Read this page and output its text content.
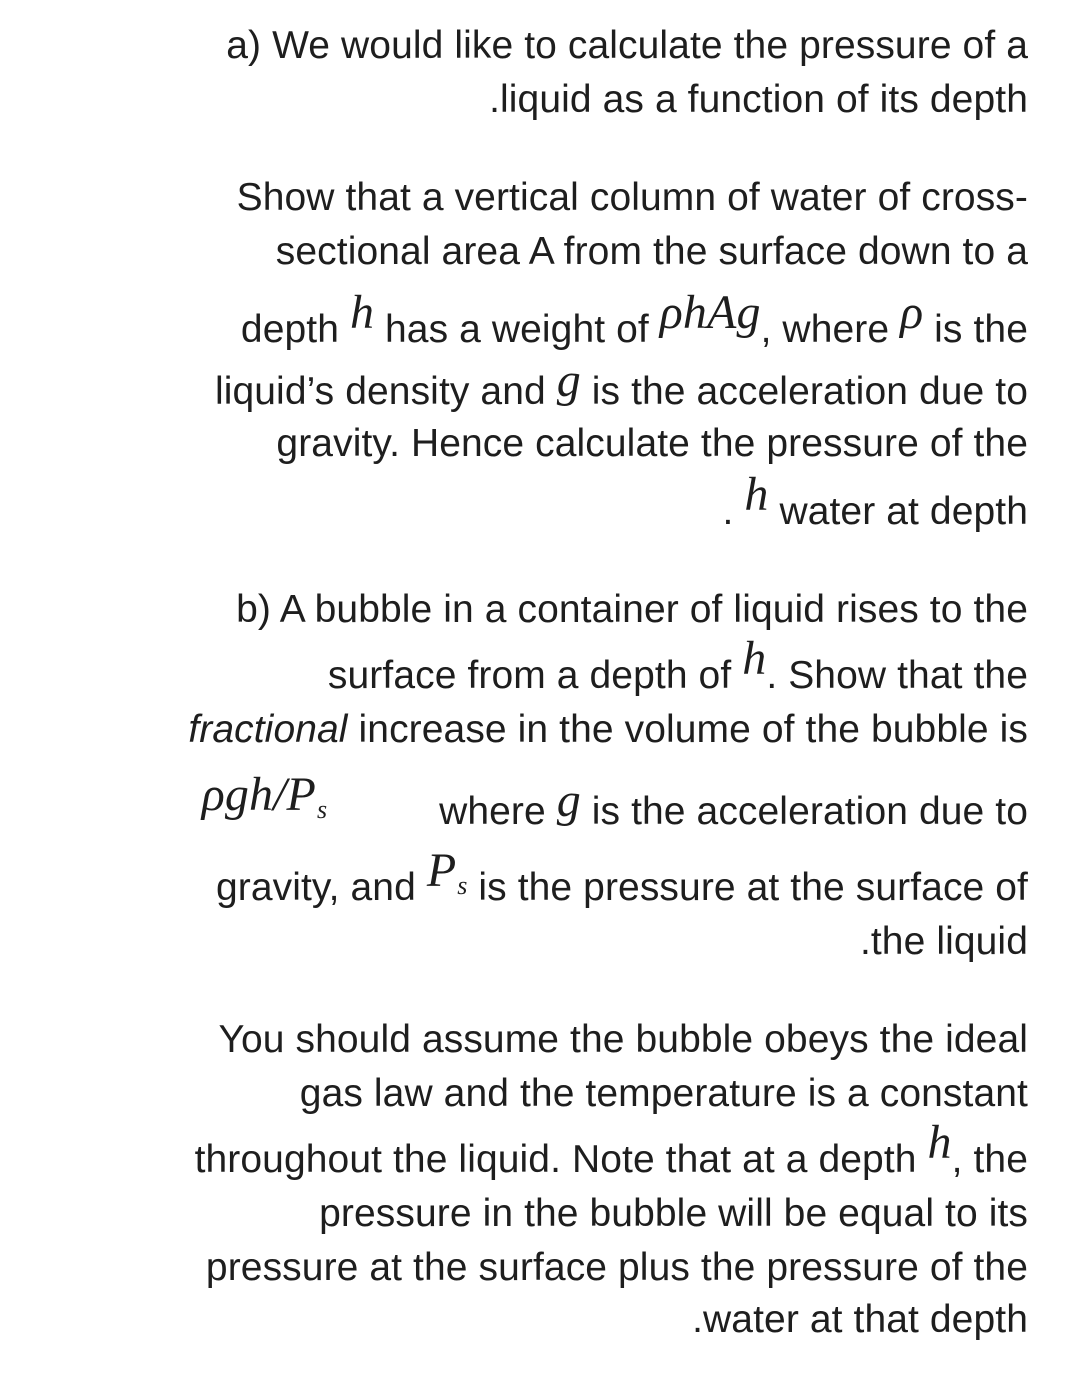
a) We would like to calculate the pressure of a
.liquid as a function of its depth
Show that a vertical column of water of cross-
sectional area A from the surface down to a
depth h has a weight of ρhAg, where ρ is the
liquid’s density and g is the acceleration due to
gravity. Hence calculate the pressure of the
. h water at depth
b) A bubble in a container of liquid rises to the
surface from a depth of h. Show that the
fractional increase in the volume of the bubble is
ρgh/Ps	where g is the acceleration due to
gravity, and Ps is the pressure at the surface of
.the liquid
You should assume the bubble obeys the ideal
gas law and the temperature is a constant
throughout the liquid. Note that at a depth h, the
pressure in the bubble will be equal to its
pressure at the surface plus the pressure of the
.water at that depth
